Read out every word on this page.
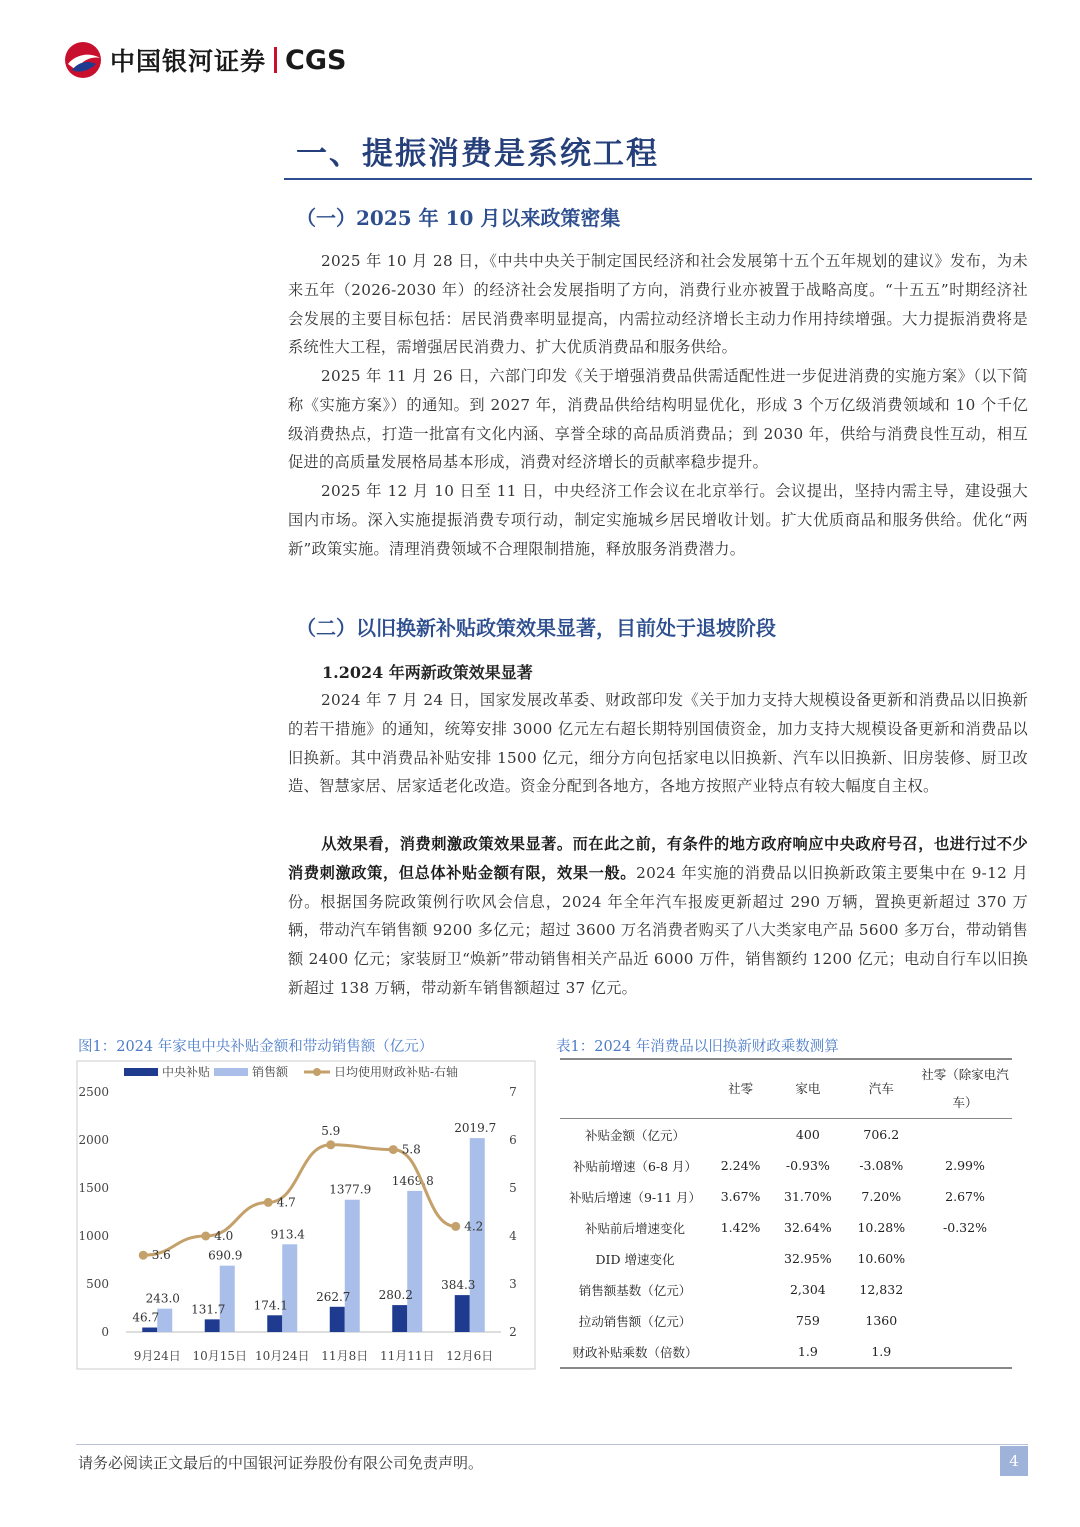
中国银河证券 CGS
一、提振消费是系统工程
（一）2025 年 10 月以来政策密集
2025 年 10 月 28 日，《中共中央关于制定国民经济和社会发展第十五个五年规划的建议》发布，为未来五年（2026-2030 年）的经济社会发展指明了方向，消费行业亦被置于战略高度。“十五五”时期经济社会发展的主要目标包括：居民消费率明显提高，内需拉动经济增长主动力作用持续增强。大力提振消费将是系统性大工程，需增强居民消费力、扩大优质消费品和服务供给。
2025 年 11 月 26 日，六部门印发《关于增强消费品供需适配性进一步促进消费的实施方案》（以下简称《实施方案》）的通知。到 2027 年，消费品供给结构明显优化，形成 3 个万亿级消费领域和 10 个千亿级消费热点，打造一批富有文化内涵、享誉全球的高品质消费品；到 2030 年，供给与消费良性互动，相互促进的高质量发展格局基本形成，消费对经济增长的贡献率稳步提升。
2025 年 12 月 10 日至 11 日，中央经济工作会议在北京举行。会议提出，坚持内需主导，建设强大国内市场。深入实施提振消费专项行动，制定实施城乡居民增收计划。扩大优质商品和服务供给。优化“两新”政策实施。清理消费领域不合理限制措施，释放服务消费潜力。
（二）以旧换新补贴政策效果显著，目前处于退坡阶段
1.2024 年两新政策效果显著
2024 年 7 月 24 日，国家发展改革委、财政部印发《关于加力支持大规模设备更新和消费品以旧换新的若干措施》的通知，统筹安排 3000 亿元左右超长期特别国债资金，加力支持大规模设备更新和消费品以旧换新。其中消费品补贴安排 1500 亿元，细分方向包括家电以旧换新、汽车以旧换新、旧房装修、厨卫改造、智慧家居、居家适老化改造。资金分配到各地方，各地方按照产业特点有较大幅度自主权。
从效果看，消费刺激政策效果显著。而在此之前，有条件的地方政府响应中央政府号召，也进行过不少消费刺激政策，但总体补贴金额有限，效果一般。2024 年实施的消费品以旧换新政策主要集中在 9-12 月份。根据国务院政策例行吹风会信息，2024 年全年汽车报废更新超过 290 万辆，置换更新超过 370 万辆，带动汽车销售额 9200 多亿元；超过 3600 万名消费者购买了八大类家电产品 5600 多万台，带动销售额 2400 亿元；家装厨卫“焕新”带动销售相关产品近 6000 万件，销售额约 1200 亿元；电动自行车以旧换新超过 138 万辆，带动新车销售额超过 37 亿元。
图1：2024 年家电中央补贴金额和带动销售额（亿元）
中央补贴	销售额	日均使用财政补贴-右轴
0
500
1000
1500
2000
2500
2
3
4
5
6
7
9月24日 10月15日 10月24日 11月8日 11月11日 12月6日
46.7
131.7 174.1
262.7 280.2
384.3
243.0
690.9
913.4
1377.9
1469.8
2019.7
3.6
4.0
4.7
5.9
5.8
4.2
表1：2024 年消费品以旧换新财政乘数测算
	社零	家电	汽车	社零（除家电汽车）
补贴金额（亿元）		400	706.2	
补贴前增速（6-8 月）	2.24%	-0.93%	-3.08%	2.99%
补贴后增速（9-11 月）	3.67%	31.70%	7.20%	2.67%
补贴前后增速变化	1.42%	32.64%	10.28%	-0.32%
DID 增速变化		32.95%	10.60%	
销售额基数（亿元）		2,304	12,832	
拉动销售额（亿元）		759	1360	
财政补贴乘数（倍数）		1.9	1.9	
请务必阅读正文最后的中国银河证券股份有限公司免责声明。	4
